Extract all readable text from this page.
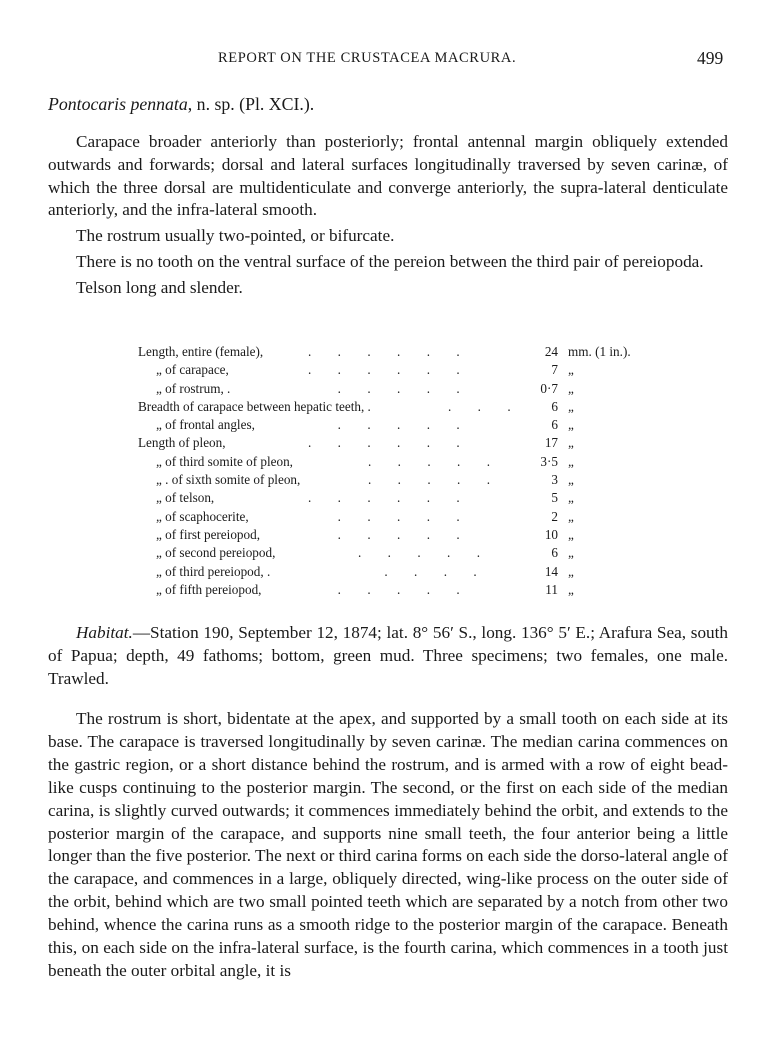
REPORT ON THE CRUSTACEA MACRURA.	499
Pontocaris pennata, n. sp. (Pl. XCI.).

Carapace broader anteriorly than posteriorly; frontal antennal margin obliquely extended outwards and forwards; dorsal and lateral surfaces longitudinally traversed by seven carinæ, of which the three dorsal are multidenticulate and converge anteriorly, the supra-lateral denticulate anteriorly, and the infra-lateral smooth.

The rostrum usually two-pointed, or bifurcate.

There is no tooth on the ventral surface of the pereion between the third pair of pereiopoda.

Telson long and slender.

Length, entire (female),	.        .        .        .        .        .	24 mm. (1 in.).
„ of carapace,	.        .        .        .        .        .	7 „
„ of rostrum, .	.        .        .        .        .	0·7 „
Breadth of carapace between hepatic teeth, .	.        .        .	6 „
„ of frontal angles,	.        .        .        .        .	6 „
Length of pleon,	.        .        .        .        .        .	17 „
„ of third somite of pleon,	.        .        .        .        .	3·5 „
„ . of sixth somite of pleon,	.        .        .        .        .	3 „
„ of telson,	.        .        .        .        .        .	5 „
„ of scaphocerite,	.        .        .        .        .	2 „
„ of first pereiopod,	.        .        .        .        .	10 „
„ of second pereiopod,	.        .        .        .        .	6 „
„ of third pereiopod, .	.        .        .        .	14 „
„ of fifth pereiopod,	.        .        .        .        .	11 „

Habitat.—Station 190, September 12, 1874; lat. 8° 56′ S., long. 136° 5′ E.; Arafura Sea, south of Papua; depth, 49 fathoms; bottom, green mud. Three specimens; two females, one male. Trawled.

The rostrum is short, bidentate at the apex, and supported by a small tooth on each side at its base. The carapace is traversed longitudinally by seven carinæ. The median carina commences on the gastric region, or a short distance behind the rostrum, and is armed with a row of eight bead-like cusps continuing to the posterior margin. The second, or the first on each side of the median carina, is slightly curved outwards; it commences immediately behind the orbit, and extends to the posterior margin of the carapace, and supports nine small teeth, the four anterior being a little longer than the five posterior. The next or third carina forms on each side the dorso-lateral angle of the carapace, and commences in a large, obliquely directed, wing-like process on the outer side of the orbit, behind which are two small pointed teeth which are separated by a notch from other two behind, whence the carina runs as a smooth ridge to the posterior margin of the carapace. Beneath this, on each side on the infra-lateral surface, is the fourth carina, which commences in a tooth just beneath the outer orbital angle, it is
